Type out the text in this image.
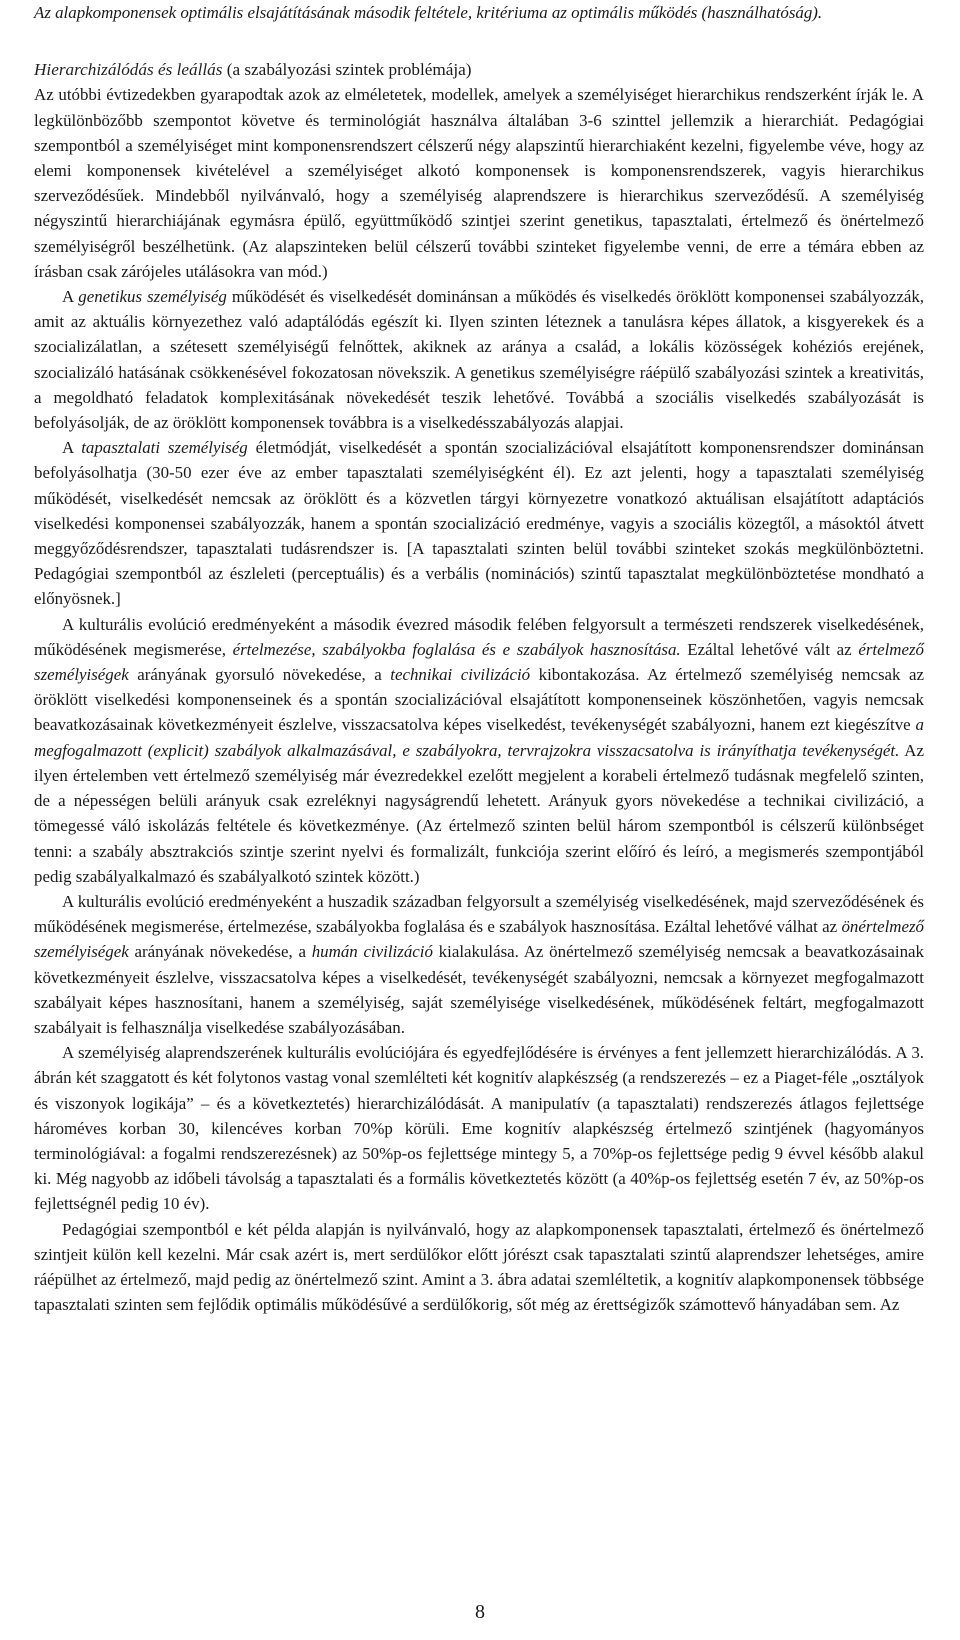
Az alapkomponensek optimális elsajátításának második feltétele, kritériuma az optimális működés (használhatóság).

Hierarchizálódás és leállás (a szabályozási szintek problémája)

Az utóbbi évtizedekben gyarapodtak azok az elméletetek, modellek, amelyek a személyiséget hierarchikus rendszerként írják le. A legkülönbözőbb szempontot követve és terminológiát használva általában 3-6 szinttel jellemzik a hierarchiát. Pedagógiai szempontból a személyiséget mint komponensrendszert célszerű négy alapszintű hierarchiaként kezelni, figyelembe véve, hogy az elemi komponensek kivételével a személyiséget alkotó komponensek is komponensrendszerek, vagyis hierarchikus szerveződésűek. Mindebből nyilvánvaló, hogy a személyiség alaprendszere is hierarchikus szerveződésű. A személyiség négyszintű hierarchiájának egymásra épülő, együttműködő szintjei szerint genetikus, tapasztalati, értelmező és önértelmező személyiségről beszélhetünk. (Az alapszinteken belül célszerű további szinteket figyelembe venni, de erre a témára ebben az írásban csak zárójeles utálásokra van mód.)

A genetikus személyiség működését és viselkedését dominánsan a működés és viselkedés öröklött komponensei szabályozzák, amit az aktuális környezethez való adaptálódás egészít ki. Ilyen szinten léteznek a tanulásra képes állatok, a kisgyerekek és a szocializálatlan, a szétesett személyiségű felnőttek, akiknek az aránya a család, a lokális közösségek kohéziós erejének, szocializáló hatásának csökkenésével fokozatosan növekszik. A genetikus személyiségre ráépülő szabályozási szintek a kreativitás, a megoldható feladatok komplexitásának növekedését teszik lehetővé. Továbbá a szociális viselkedés szabályozását is befolyásolják, de az öröklött komponensek továbbra is a viselkedésszabályozás alapjai.

A tapasztalati személyiség életmódját, viselkedését a spontán szocializációval elsajátított komponensrendszer dominánsan befolyásolhatja (30-50 ezer éve az ember tapasztalati személyiségként él). Ez azt jelenti, hogy a tapasztalati személyiség működését, viselkedését nemcsak az öröklött és a közvetlen tárgyi környezetre vonatkozó aktuálisan elsajátított adaptációs viselkedési komponensei szabályozzák, hanem a spontán szocializáció eredménye, vagyis a szociális közegtől, a másoktól átvett meggyőződésrendszer, tapasztalati tudásrendszer is. [A tapasztalati szinten belül további szinteket szokás megkülönböztetni. Pedagógiai szempontból az észleleti (perceptuális) és a verbális (nominációs) szintű tapasztalat megkülönböztetése mondható a előnyösnek.]

A kulturális evolúció eredményeként a második évezred második felében felgyorsult a természeti rendszerek viselkedésének, működésének megismerése, értelmezése, szabályokba foglalása és e szabályok hasznosítása. Ezáltal lehetővé vált az értelmező személyiségek arányának gyorsuló növekedése, a technikai civilizáció kibontakozása. Az értelmező személyiség nemcsak az öröklött viselkedési komponenseinek és a spontán szocializációval elsajátított komponenseinek köszönhetően, vagyis nemcsak beavatkozásainak következményeit észlelve, visszacsatolva képes viselkedést, tevékenységét szabályozni, hanem ezt kiegészítve a megfogalmazott (explicit) szabályok alkalmazásával, e szabályokra, tervrajzokra visszacsatolva is irányíthatja tevékenységét. Az ilyen értelemben vett értelmező személyiség már évezredekkel ezelőtt megjelent a korabeli értelmező tudásnak megfelelő szinten, de a népességen belüli arányuk csak ezreléknyi nagyságrendű lehetett. Arányuk gyors növekedése a technikai civilizáció, a tömegessé váló iskolázás feltétele és következménye. (Az értelmező szinten belül három szempontból is célszerű különbséget tenni: a szabály absztrakciós szintje szerint nyelvi és formalizált, funkciója szerint előíró és leíró, a megismerés szempontjából pedig szabályalkalmazó és szabályalkotó szintek között.)

A kulturális evolúció eredményeként a huszadik században felgyorsult a személyiség viselkedésének, majd szerveződésének és működésének megismerése, értelmezése, szabályokba foglalása és e szabályok hasznosítása. Ezáltal lehetővé válhat az önértelmező személyiségek arányának növekedése, a humán civilizáció kialakulása. Az önértelmező személyiség nemcsak a beavatkozásainak következményeit észlelve, visszacsatolva képes a viselkedését, tevékenységét szabályozni, nemcsak a környezet megfogalmazott szabályait képes hasznosítani, hanem a személyiség, saját személyisége viselkedésének, működésének feltárt, megfogalmazott szabályait is felhasználja viselkedése szabályozásában.

A személyiség alaprendszerének kulturális evolúciójára és egyedfejlődésére is érvényes a fent jellemzett hierarchizálódás. A 3. ábrán két szaggatott és két folytonos vastag vonal szemlélteti két kognitív alapkészség (a rendszerezés – ez a Piaget-féle „osztályok és viszonyok logikája” – és a következtetés) hierarchizálódását. A manipulatív (a tapasztalati) rendszerezés átlagos fejlettsége hároméves korban 30, kilencéves korban 70%p körüli. Eme kognitív alapkészség értelmező szintjének (hagyományos terminológiával: a fogalmi rendszerezésnek) az 50%p-os fejlettsége mintegy 5, a 70%p-os fejlettsége pedig 9 évvel később alakul ki. Még nagyobb az időbeli távolság a tapasztalati és a formális következtetés között (a 40%p-os fejlettség esetén 7 év, az 50%p-os fejlettségnél pedig 10 év).

Pedagógiai szempontból e két példa alapján is nyilvánvaló, hogy az alapkomponensek tapasztalati, értelmező és önértelmező szintjeit külön kell kezelni. Már csak azért is, mert serdülőkor előtt jórészt csak tapasztalati szintű alaprendszer lehetséges, amire ráépülhet az értelmező, majd pedig az önértelmező szint. Amint a 3. ábra adatai szemléltetik, a kognitív alapkomponensek többsége tapasztalati szinten sem fejlődik optimális működésűvé a serdülőkorig, sőt még az érettségizők számottevő hányadában sem. Az

8
